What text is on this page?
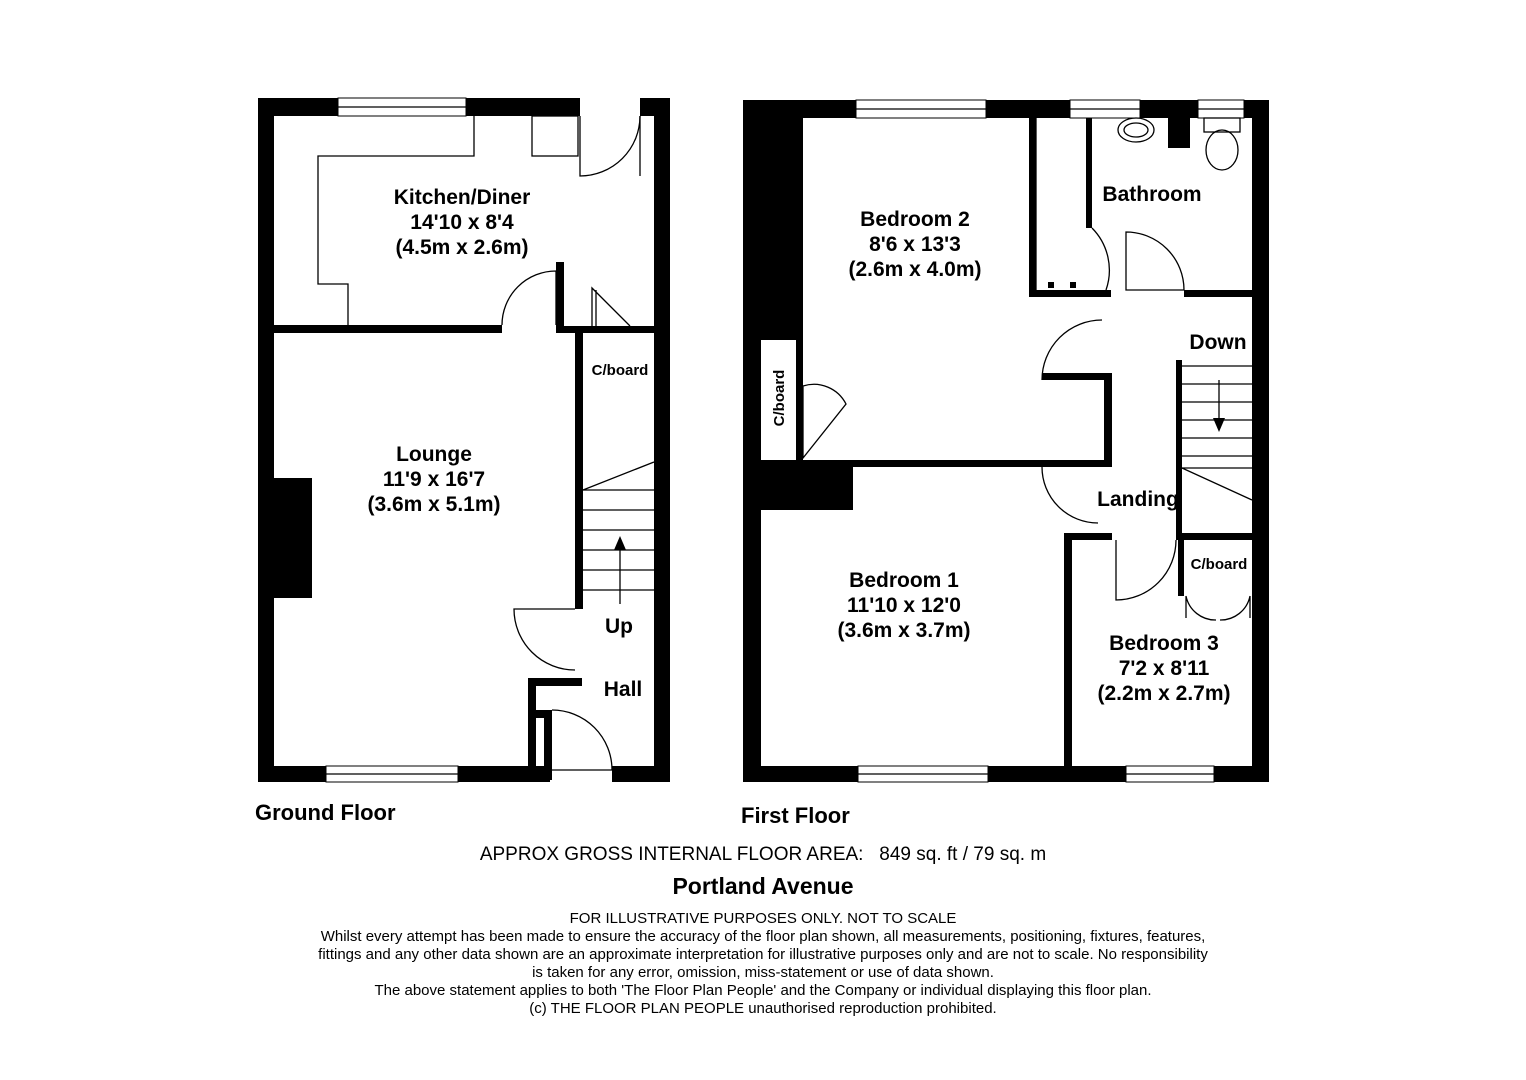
Kitchen/Diner
14'10 x 8'4
(4.5m x 2.6m)
Lounge
11'9 x 16'7
(3.6m x 5.1m)
C/board
Up
Hall
Ground Floor
Bedroom 2
8'6 x 13'3
(2.6m x 4.0m)
Bathroom
Bedroom 1
11'10 x 12'0
(3.6m x 3.7m)
Bedroom 3
7'2 x 8'11
(2.2m x 2.7m)
Landing
Down
C/board
C/board
First Floor
APPROX GROSS INTERNAL FLOOR AREA: 849 sq. ft / 79 sq. m
Portland Avenue
FOR ILLUSTRATIVE PURPOSES ONLY. NOT TO SCALE
Whilst every attempt has been made to ensure the accuracy of the floor plan shown, all measurements, positioning, fixtures, features,
fittings and any other data shown are an approximate interpretation for illustrative purposes only and are not to scale. No responsibility
is taken for any error, omission, miss-statement or use of data shown.
The above statement applies to both 'The Floor Plan People' and the Company or individual displaying this floor plan.
(c) THE FLOOR PLAN PEOPLE unauthorised reproduction prohibited.
